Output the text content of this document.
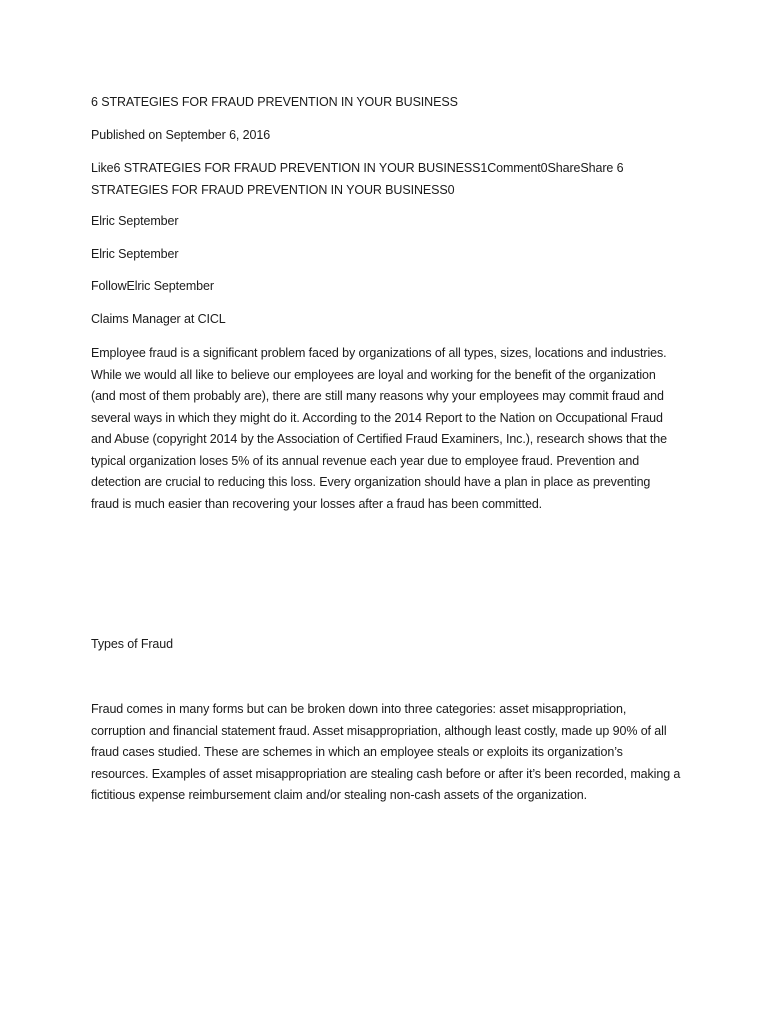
6 STRATEGIES FOR FRAUD PREVENTION IN YOUR BUSINESS

Published on September 6, 2016

Like6 STRATEGIES FOR FRAUD PREVENTION IN YOUR BUSINESS1Comment0ShareShare 6 STRATEGIES FOR FRAUD PREVENTION IN YOUR BUSINESS0

Elric September

Elric September

FollowElric September

Claims Manager at CICL

Employee fraud is a significant problem faced by organizations of all types, sizes, locations and industries. While we would all like to believe our employees are loyal and working for the benefit of the organization (and most of them probably are), there are still many reasons why your employees may commit fraud and several ways in which they might do it. According to the 2014 Report to the Nation on Occupational Fraud and Abuse (copyright 2014 by the Association of Certified Fraud Examiners, Inc.), research shows that the typical organization loses 5% of its annual revenue each year due to employee fraud. Prevention and detection are crucial to reducing this loss. Every organization should have a plan in place as preventing fraud is much easier than recovering your losses after a fraud has been committed.

Types of Fraud

Fraud comes in many forms but can be broken down into three categories: asset misappropriation, corruption and financial statement fraud. Asset misappropriation, although least costly, made up 90% of all fraud cases studied. These are schemes in which an employee steals or exploits its organization’s resources. Examples of asset misappropriation are stealing cash before or after it’s been recorded, making a fictitious expense reimbursement claim and/or stealing non-cash assets of the organization.
